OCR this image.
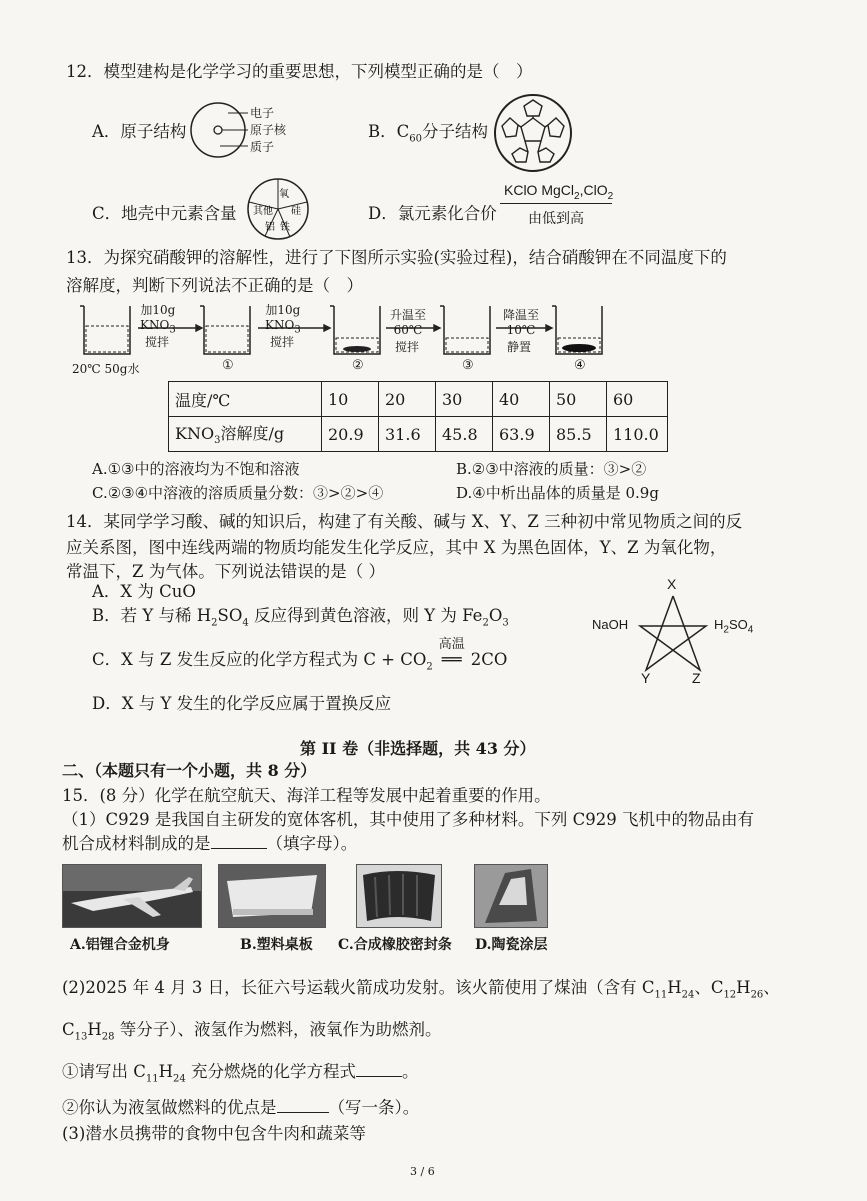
12．模型建构是化学学习的重要思想，下列模型正确的是（　）
A．原子结构
电子
原子核
质子
B．$C_{60}$分子结构
C．地壳中元素含量
氧
其他 硅
铝 铁
D．氯元素化合价
KClO MgCl$_2$,ClO$_2$
由低到高
13．为探究硝酸钾的溶解性，进行了下图所示实验(实验过程)，结合硝酸钾在不同温度下的
溶解度，判断下列说法不正确的是（　）
加10g
$KNO_3$
搅拌
加10g
$KNO_3$
搅拌
升温至
60℃
搅拌
降温至
10℃
静置
20℃ 50g水	①	②	③	④
温度/℃	10	20	30	40	50	60
$KNO_3$溶解度/g	20.9	31.6	45.8	63.9	85.5	110.0
A.①③中的溶液均为不饱和溶液	B.②③中溶液的质量：③>②
C.②③④中溶液的溶质质量分数：③>②>④	D.④中析出晶体的质量是 0.9g
14．某同学学习酸、碱的知识后，构建了有关酸、碱与 X、Y、Z 三种初中常见物质之间的反
应关系图，图中连线两端的物质均能发生化学反应，其中 X 为黑色固体，Y、Z 为氧化物，
常温下，Z 为气体。下列说法错误的是（ ）
A．X 为 CuO
B．若 Y 与稀 $H_2SO_4$ 反应得到黄色溶液，则 Y 为 $Fe_2O_3$
C．X 与 Z 发生反应的化学方程式为 $C + CO_2$
高温
══ 2CO
D．X 与 Y 发生的化学反应属于置换反应
X
NaOH	$H_2SO_4$
Y	Z
第 II 卷（非选择题，共 43 分）
二、（本题只有一个小题，共 8 分）
15．(8 分）化学在航空航天、海洋工程等发展中起着重要的作用。
（1）C929 是我国自主研发的宽体客机，其中使用了多种材料。下列 C929 飞机中的物品由有
机合成材料制成的是	（填字母）。
A.铝锂合金机身	B.塑料桌板 C.合成橡胶密封条 D.陶瓷涂层
(2)2025 年 4 月 3 日，长征六号运载火箭成功发射。该火箭使用了煤油（含有 $C_{11}H_{24}$、$C_{12}H_{26}$、
$C_{13}H_{28}$ 等分子）、液氢作为燃料，液氧作为助燃剂。
①请写出 $C_{11}H_{24}$ 充分燃烧的化学方程式	。
②你认为液氢做燃料的优点是	（写一条）。
(3)潜水员携带的食物中包含牛肉和蔬菜等
3 / 6
